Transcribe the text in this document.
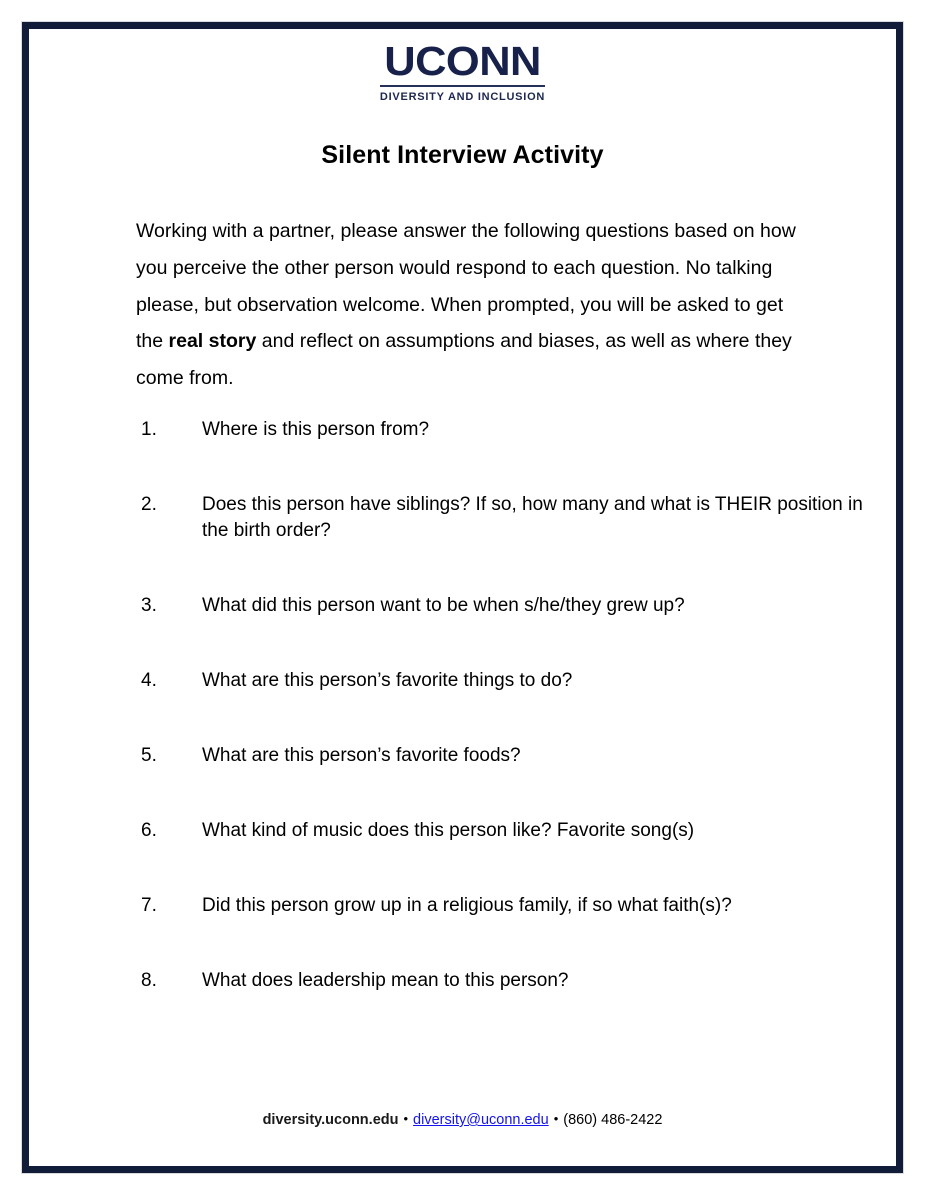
UCONN
DIVERSITY AND INCLUSION
Silent Interview Activity

Working with a partner, please answer the following questions based on how you perceive the other person would respond to each question. No talking please, but observation welcome. When prompted, you will be asked to get the real story and reflect on assumptions and biases, as well as where they come from.

1.	Where is this person from?
2.	Does this person have siblings? If so, how many and what is THEIR position in the birth order?
3.	What did this person want to be when s/he/they grew up?
4.	What are this person’s favorite things to do?
5.	What are this person’s favorite foods?
6.	What kind of music does this person like? Favorite song(s)
7.	Did this person grow up in a religious family, if so what faith(s)?
8.	What does leadership mean to this person?
diversity.uconn.edu • diversity@uconn.edu • (860) 486-2422
